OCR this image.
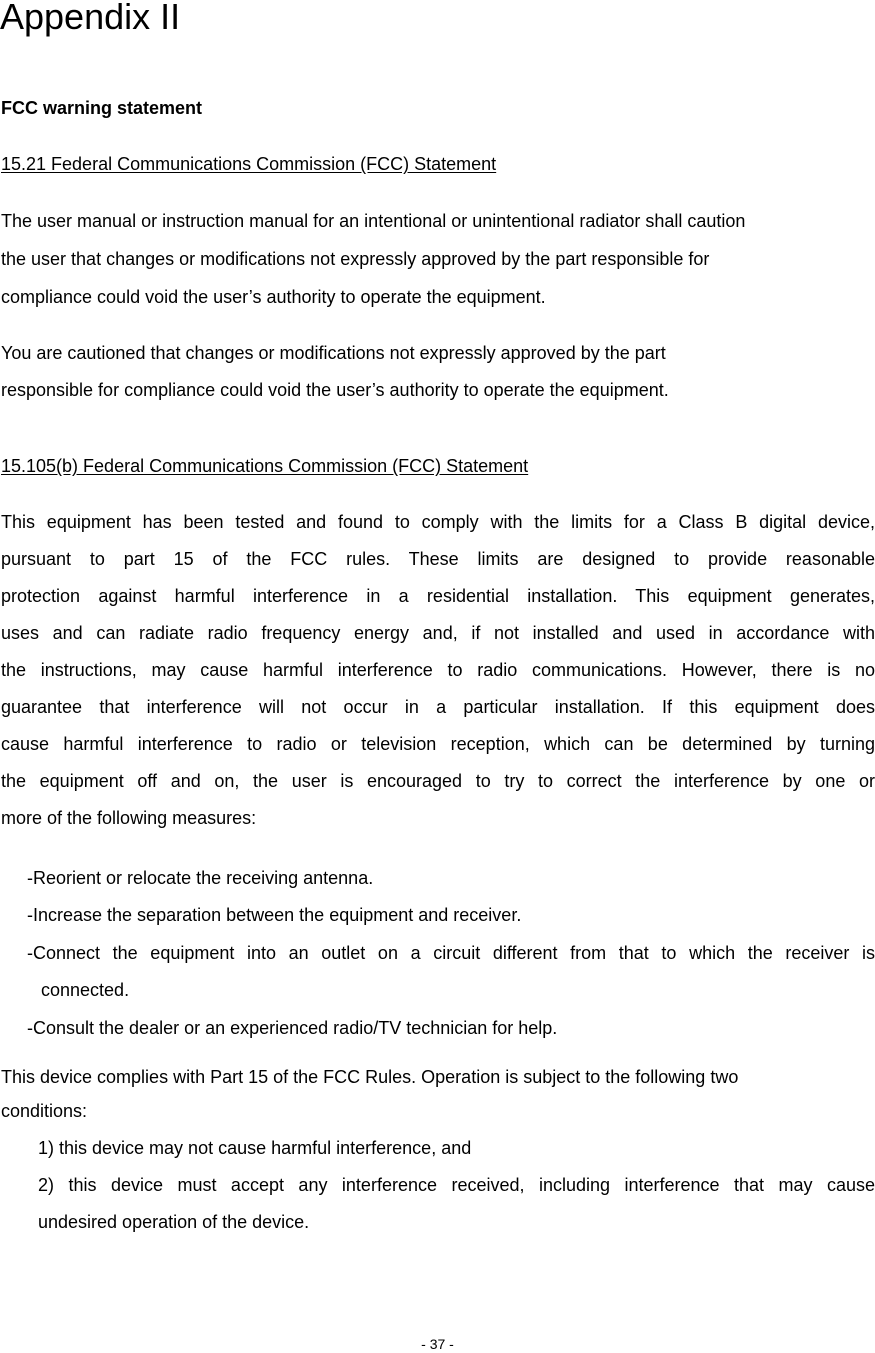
Appendix II
FCC warning statement
15.21 Federal Communications Commission (FCC) Statement
The user manual or instruction manual for an intentional or unintentional radiator shall caution
the user that changes or modifications not expressly approved by the part responsible for
compliance could void the user’s authority to operate the equipment.
You are cautioned that changes or modifications not expressly approved by the part
responsible for compliance could void the user’s authority to operate the equipment.
15.105(b) Federal Communications Commission (FCC) Statement
This equipment has been tested and found to comply with the limits for a Class B digital device,
pursuant to part 15 of the FCC rules. These limits are designed to provide reasonable
protection against harmful interference in a residential installation. This equipment generates,
uses and can radiate radio frequency energy and, if not installed and used in accordance with
the instructions, may cause harmful interference to radio communications. However, there is no
guarantee that interference will not occur in a particular installation. If this equipment does
cause harmful interference to radio or television reception, which can be determined by turning
the equipment off and on, the user is encouraged to try to correct the interference by one or
more of the following measures:
-Reorient or relocate the receiving antenna.
-Increase the separation between the equipment and receiver.
-Connect the equipment into an outlet on a circuit different from that to which the receiver is
connected.
-Consult the dealer or an experienced radio/TV technician for help.
This device complies with Part 15 of the FCC Rules. Operation is subject to the following two
conditions:
1) this device may not cause harmful interference, and
2) this device must accept any interference received, including interference that may cause
undesired operation of the device.
- 37 -
